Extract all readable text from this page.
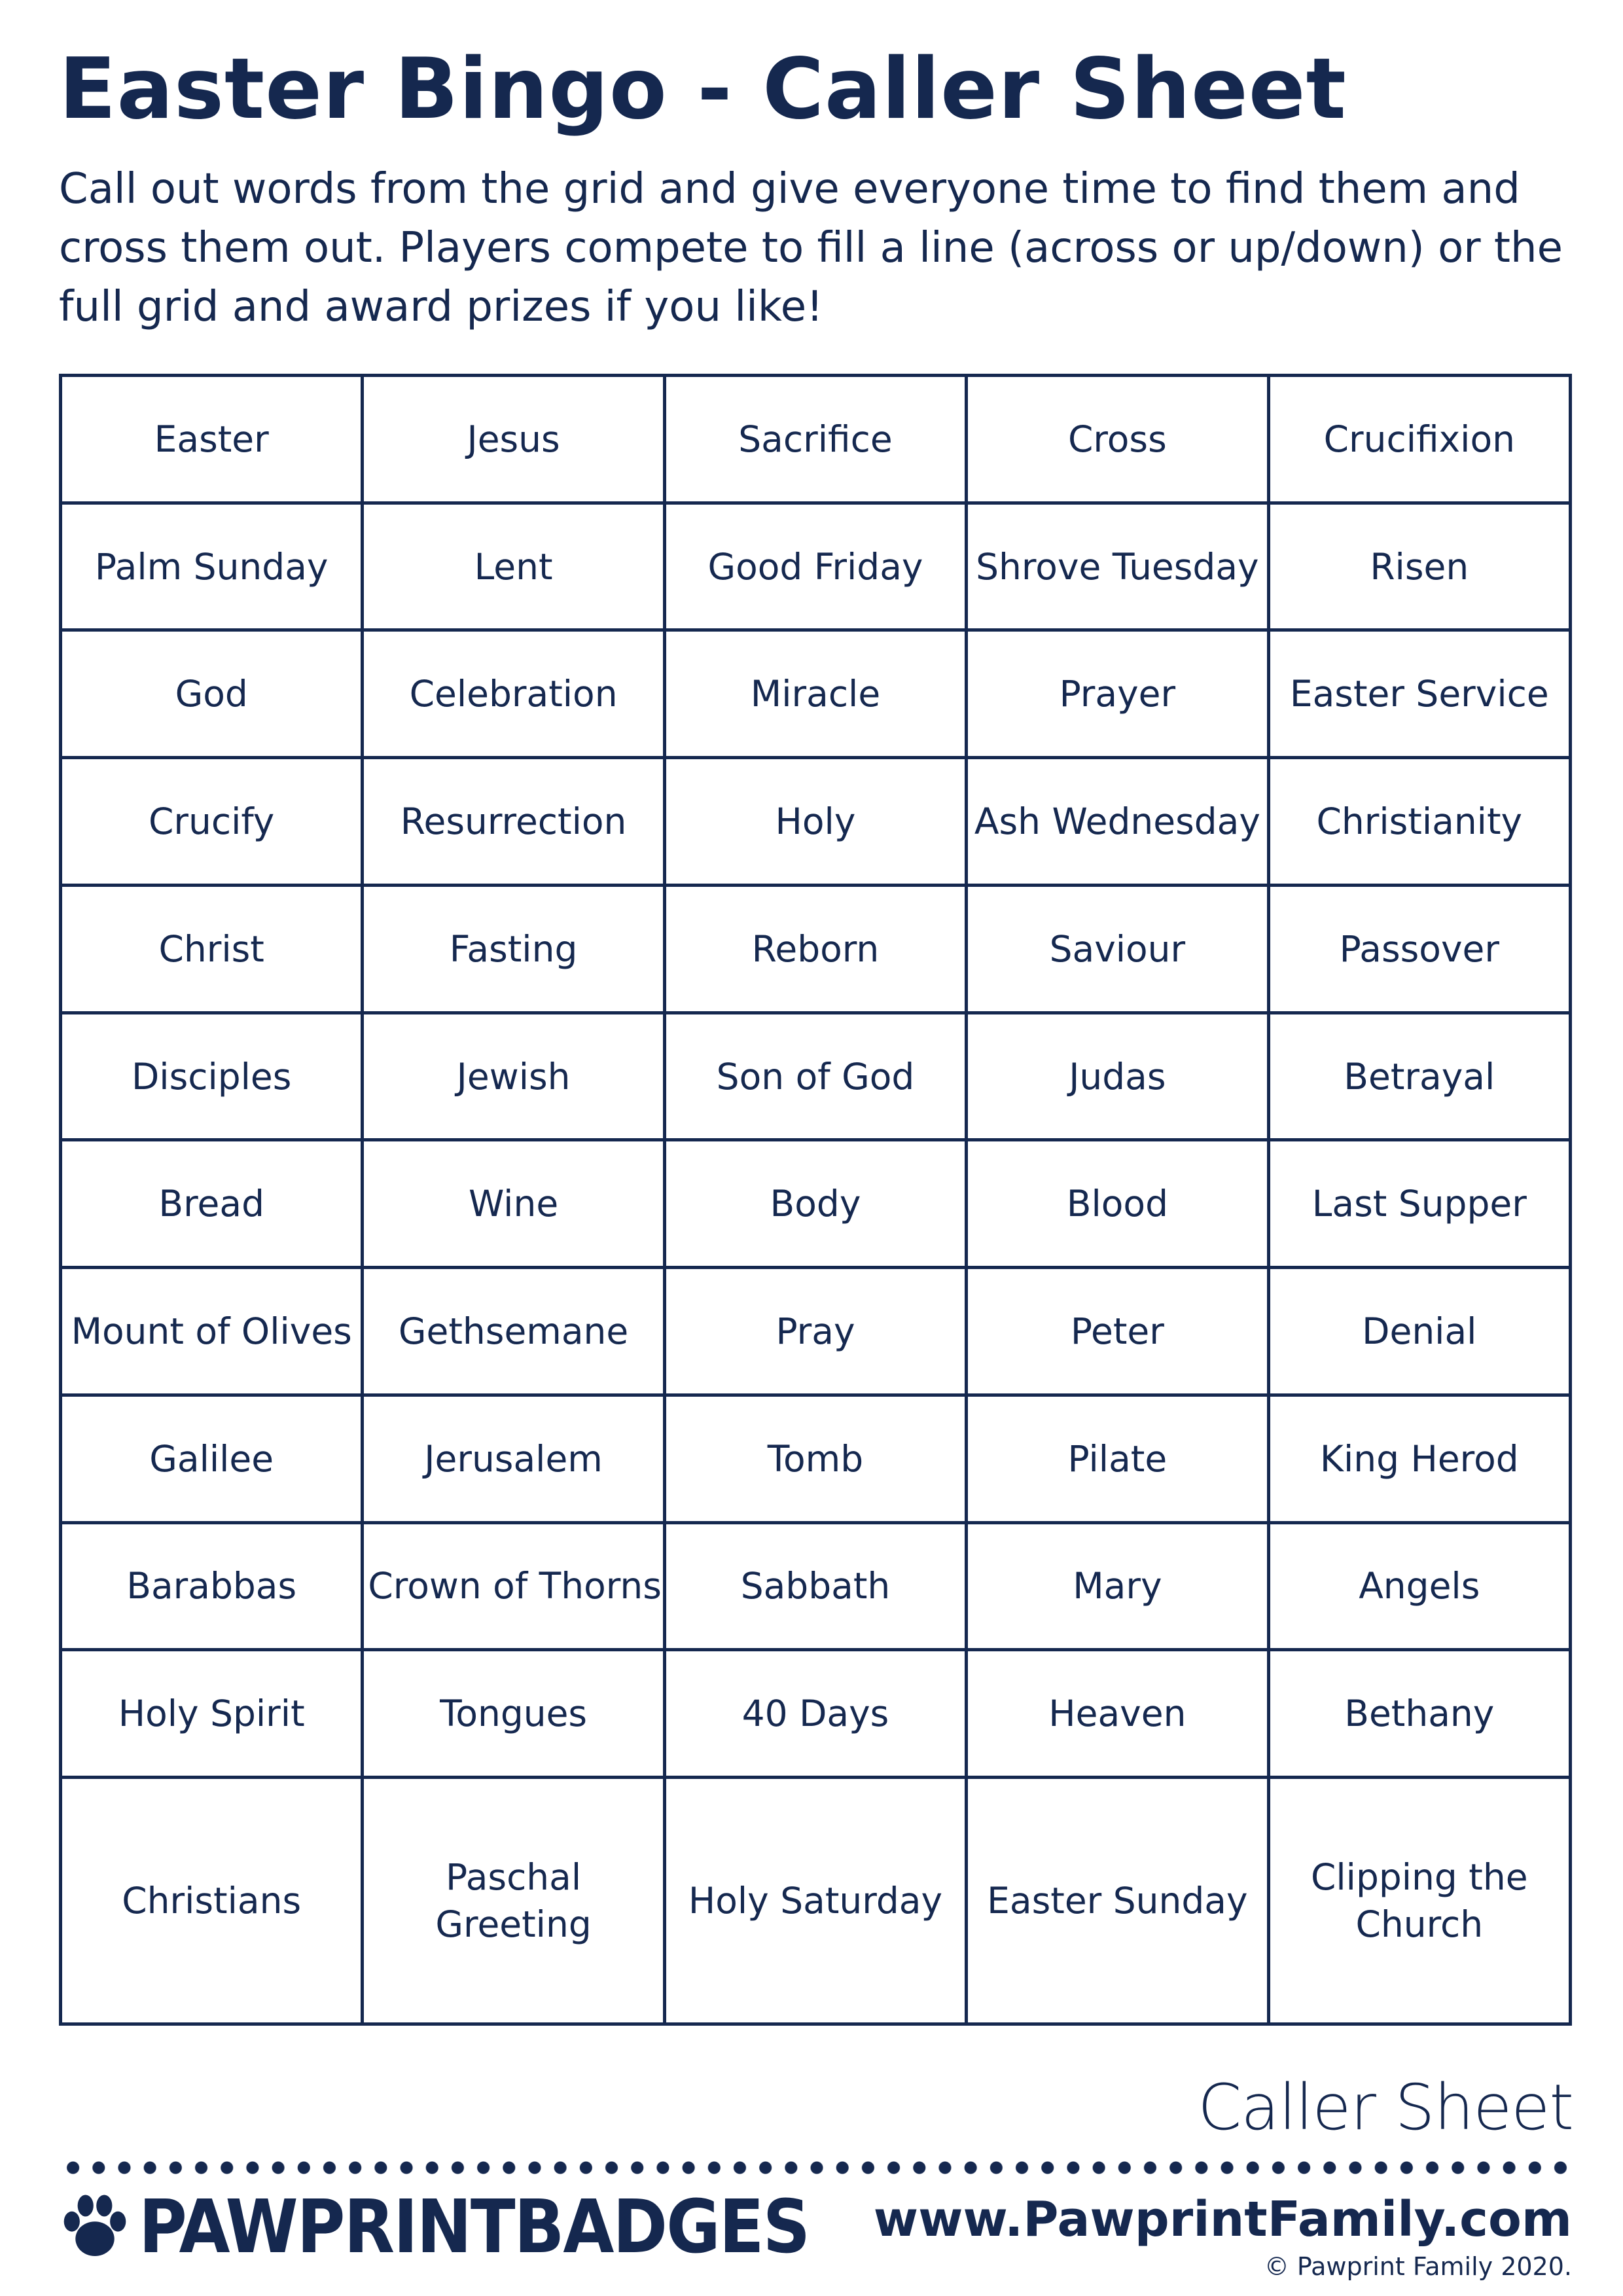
Easter Bingo - Caller Sheet
Call out words from the grid and give everyone time to find them and cross them out. Players compete to fill a line (across or up/down) or the full grid and award prizes if you like!
Easter	Jesus	Sacrifice	Cross	Crucifixion
Palm Sunday	Lent	Good Friday	Shrove Tuesday	Risen
God	Celebration	Miracle	Prayer	Easter Service
Crucify	Resurrection	Holy	Ash Wednesday	Christianity
Christ	Fasting	Reborn	Saviour	Passover
Disciples	Jewish	Son of God	Judas	Betrayal
Bread	Wine	Body	Blood	Last Supper
Mount of Olives	Gethsemane	Pray	Peter	Denial
Galilee	Jerusalem	Tomb	Pilate	King Herod
Barabbas	Crown of Thorns	Sabbath	Mary	Angels
Holy Spirit	Tongues	40 Days	Heaven	Bethany
Christians	Paschal Greeting	Holy Saturday	Easter Sunday	Clipping the Church
Caller Sheet
PAWPRINTBADGES www.PawprintFamily.com
© Pawprint Family 2020.
